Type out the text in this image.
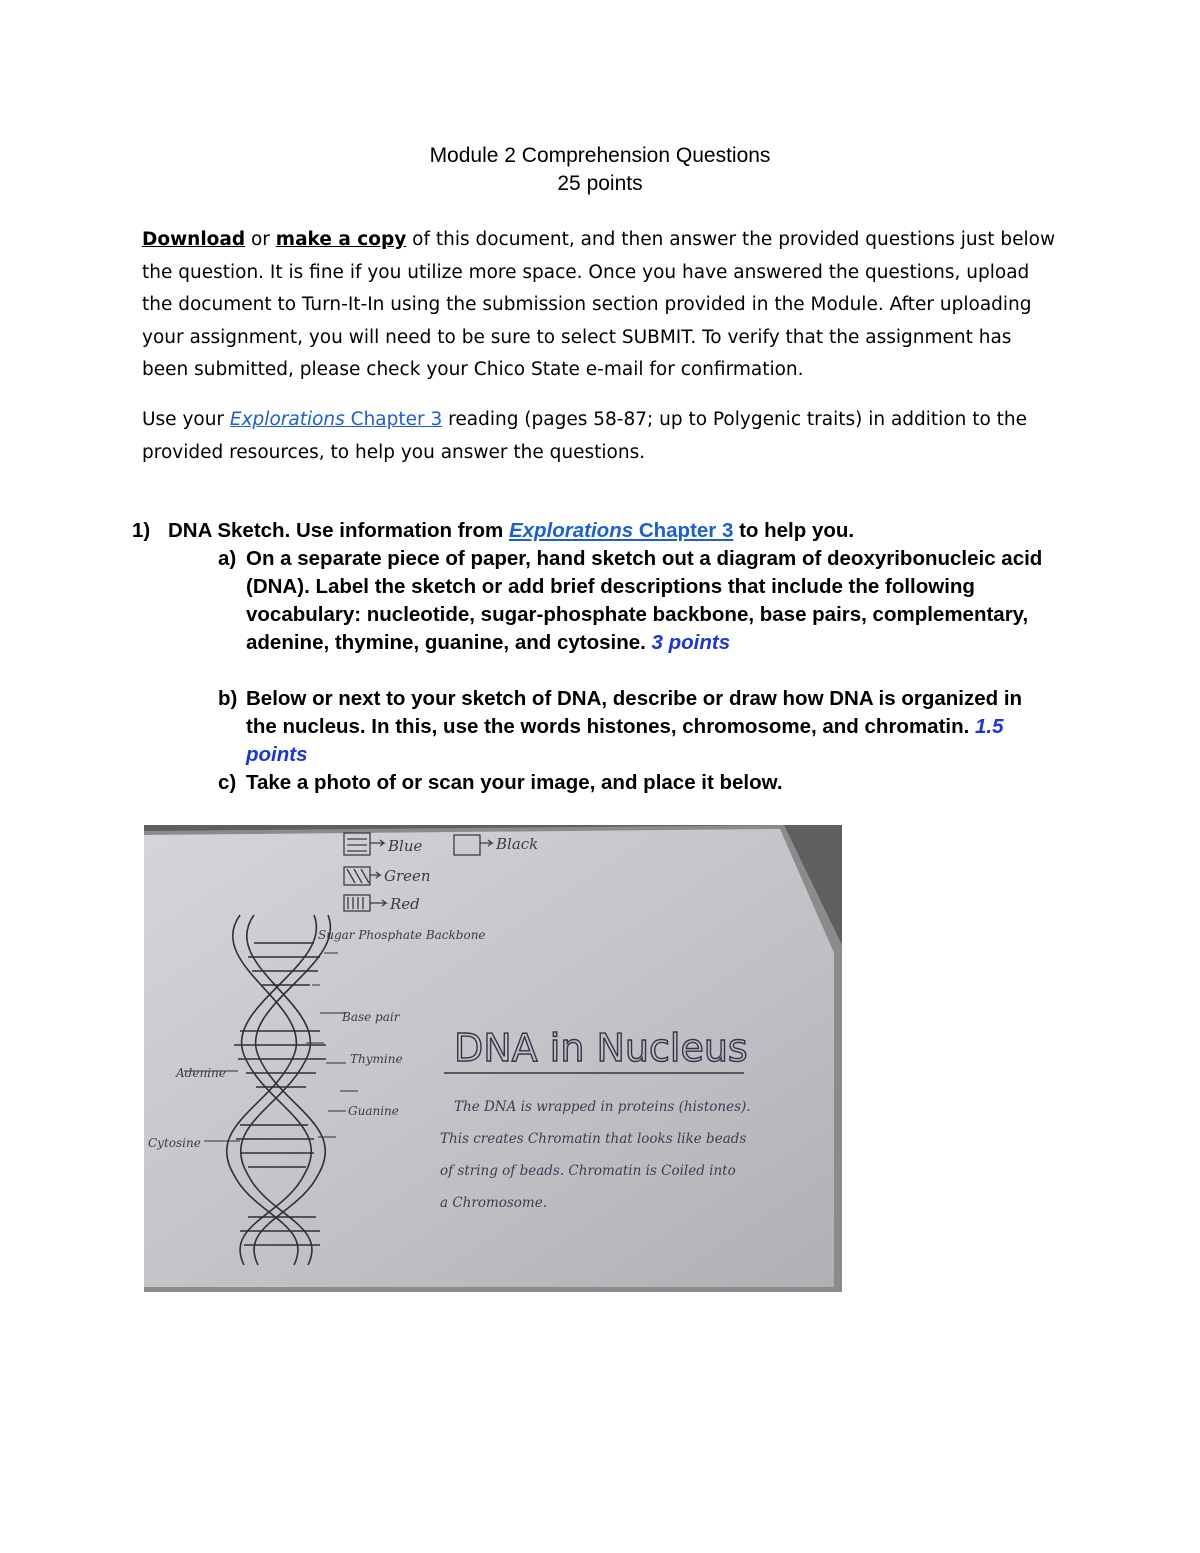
Module 2 Comprehension Questions
25 points
Download or make a copy of this document, and then answer the provided questions just below the question. It is fine if you utilize more space. Once you have answered the questions, upload the document to Turn-It-In using the submission section provided in the Module. After uploading your assignment, you will need to be sure to select SUBMIT. To verify that the assignment has been submitted, please check your Chico State e-mail for confirmation.
Use your Explorations Chapter 3 reading (pages 58-87; up to Polygenic traits) in addition to the provided resources, to help you answer the questions.
1) DNA Sketch. Use information from Explorations Chapter 3 to help you.
a) On a separate piece of paper, hand sketch out a diagram of deoxyribonucleic acid (DNA). Label the sketch or add brief descriptions that include the following vocabulary: nucleotide, sugar-phosphate backbone, base pairs, complementary, adenine, thymine, guanine, and cytosine. 3 points
b) Below or next to your sketch of DNA, describe or draw how DNA is organized in the nucleus. In this, use the words histones, chromosome, and chromatin. 1.5 points
c) Take a photo of or scan your image, and place it below.
Blue	Black
Green
Red
Sugar Phosphate Backbone
Base pair
Thymine
Adenine
Guanine
Cytosine
DNA in Nucleus
The DNA is wrapped in proteins (histones).
This creates Chromatin that looks like beads
of string of beads. Chromatin is Coiled into
a Chromosome.
